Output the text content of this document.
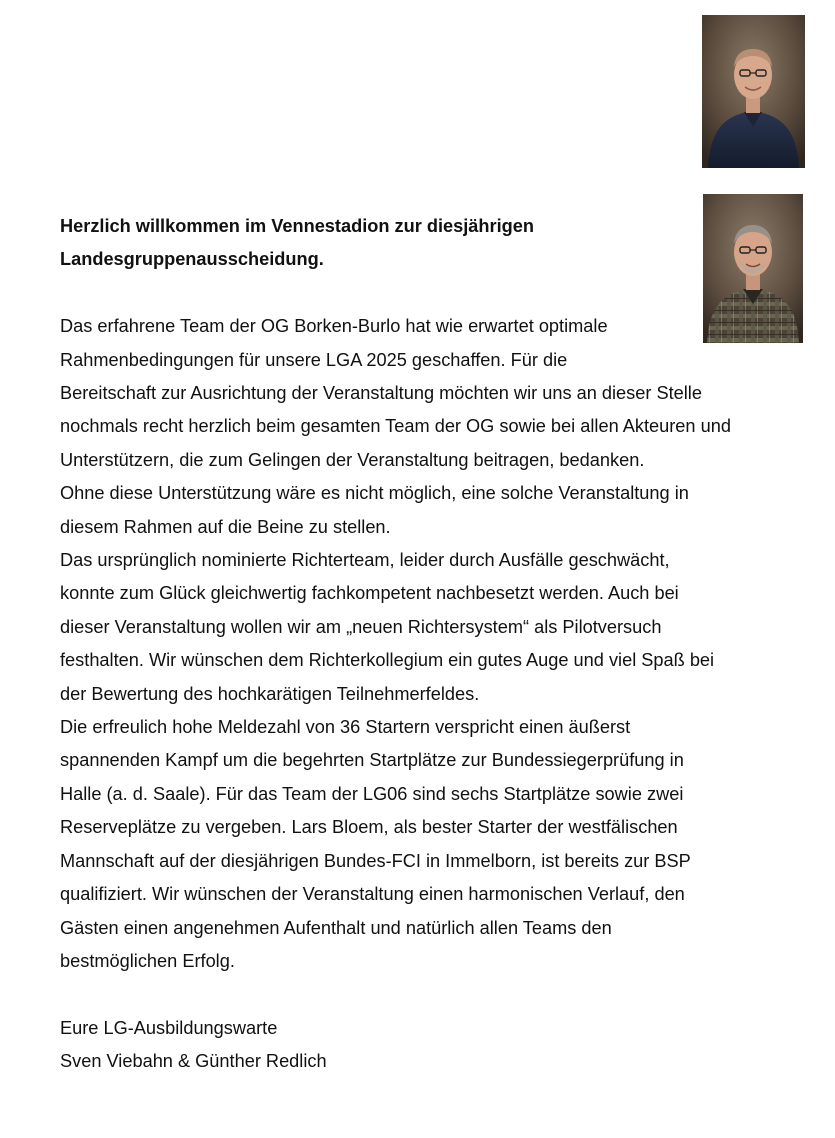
Herzlich willkommen im Vennestadion zur diesjährigen
Landesgruppenausscheidung.

Das erfahrene Team der OG Borken-Burlo hat wie erwartet optimale
Rahmenbedingungen für unsere LGA 2025 geschaffen. Für die
Bereitschaft zur Ausrichtung der Veranstaltung möchten wir uns an dieser Stelle
nochmals recht herzlich beim gesamten Team der OG sowie bei allen Akteuren und
Unterstützern, die zum Gelingen der Veranstaltung beitragen, bedanken.
Ohne diese Unterstützung wäre es nicht möglich, eine solche Veranstaltung in
diesem Rahmen auf die Beine zu stellen.
Das ursprünglich nominierte Richterteam, leider durch Ausfälle geschwächt,
konnte zum Glück gleichwertig fachkompetent nachbesetzt werden. Auch bei
dieser Veranstaltung wollen wir am „neuen Richtersystem“ als Pilotversuch
festhalten. Wir wünschen dem Richterkollegium ein gutes Auge und viel Spaß bei
der Bewertung des hochkarätigen Teilnehmerfeldes.
Die erfreulich hohe Meldezahl von 36 Startern verspricht einen äußerst
spannenden Kampf um die begehrten Startplätze zur Bundessiegerprüfung in
Halle (a. d. Saale). Für das Team der LG06 sind sechs Startplätze sowie zwei
Reserveplätze zu vergeben. Lars Bloem, als bester Starter der westfälischen
Mannschaft auf der diesjährigen Bundes-FCI in Immelborn, ist bereits zur BSP
qualifiziert. Wir wünschen der Veranstaltung einen harmonischen Verlauf, den
Gästen einen angenehmen Aufenthalt und natürlich allen Teams den
bestmöglichen Erfolg.
Eure LG-Ausbildungswarte
Sven Viebahn & Günther Redlich
